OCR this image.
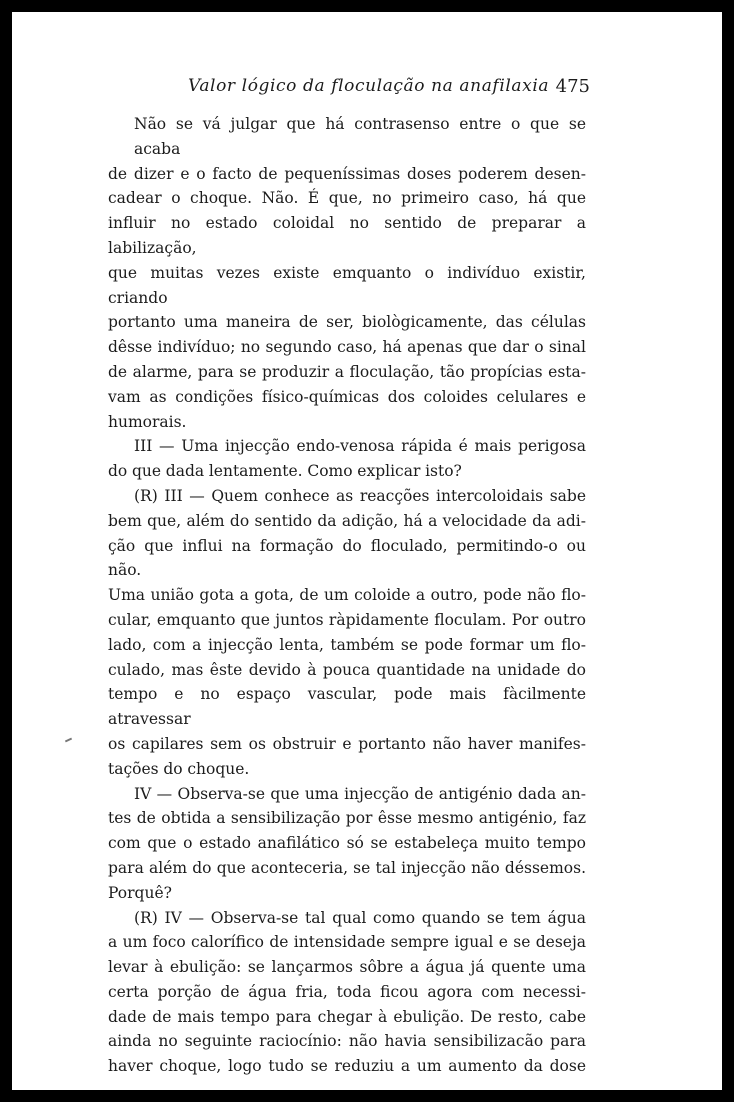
Valor lógico da floculação na anafilaxia 475

Não se vá julgar que há contrasenso entre o que se acaba
de dizer e o facto de pequeníssimas doses poderem desen-
cadear o choque. Não. É que, no primeiro caso, há que
influir no estado coloidal no sentido de preparar a labilização,
que muitas vezes existe emquanto o indivíduo existir, criando
portanto uma maneira de ser, biològicamente, das células
dêsse indivíduo; no segundo caso, há apenas que dar o sinal
de alarme, para se produzir a floculação, tão propícias esta-
vam as condições físico-químicas dos coloides celulares e
humorais.

III — Uma injecção endo-venosa rápida é mais perigosa
do que dada lentamente. Como explicar isto?

(R) III — Quem conhece as reacções intercoloidais sabe
bem que, além do sentido da adição, há a velocidade da adi-
ção que influi na formação do floculado, permitindo-o ou não.
Uma união gota a gota, de um coloide a outro, pode não flo-
cular, emquanto que juntos ràpidamente floculam. Por outro
lado, com a injecção lenta, também se pode formar um flo-
culado, mas êste devido à pouca quantidade na unidade do
tempo e no espaço vascular, pode mais fàcilmente atravessar
os capilares sem os obstruir e portanto não haver manifes-
tações do choque.

IV — Observa-se que uma injecção de antigénio dada an-
tes de obtida a sensibilização por êsse mesmo antigénio, faz
com que o estado anafilático só se estabeleça muito tempo
para além do que aconteceria, se tal injecção não déssemos.
Porquê?

(R) IV — Observa-se tal qual como quando se tem água
a um foco calorífico de intensidade sempre igual e se deseja
levar à ebulição: se lançarmos sôbre a água já quente uma
certa porção de água fria, toda ficou agora com necessi-
dade de mais tempo para chegar à ebulição. De resto, cabe
ainda no seguinte raciocínio: não havia sensibilizacão para
haver choque, logo tudo se reduziu a um aumento da dose
